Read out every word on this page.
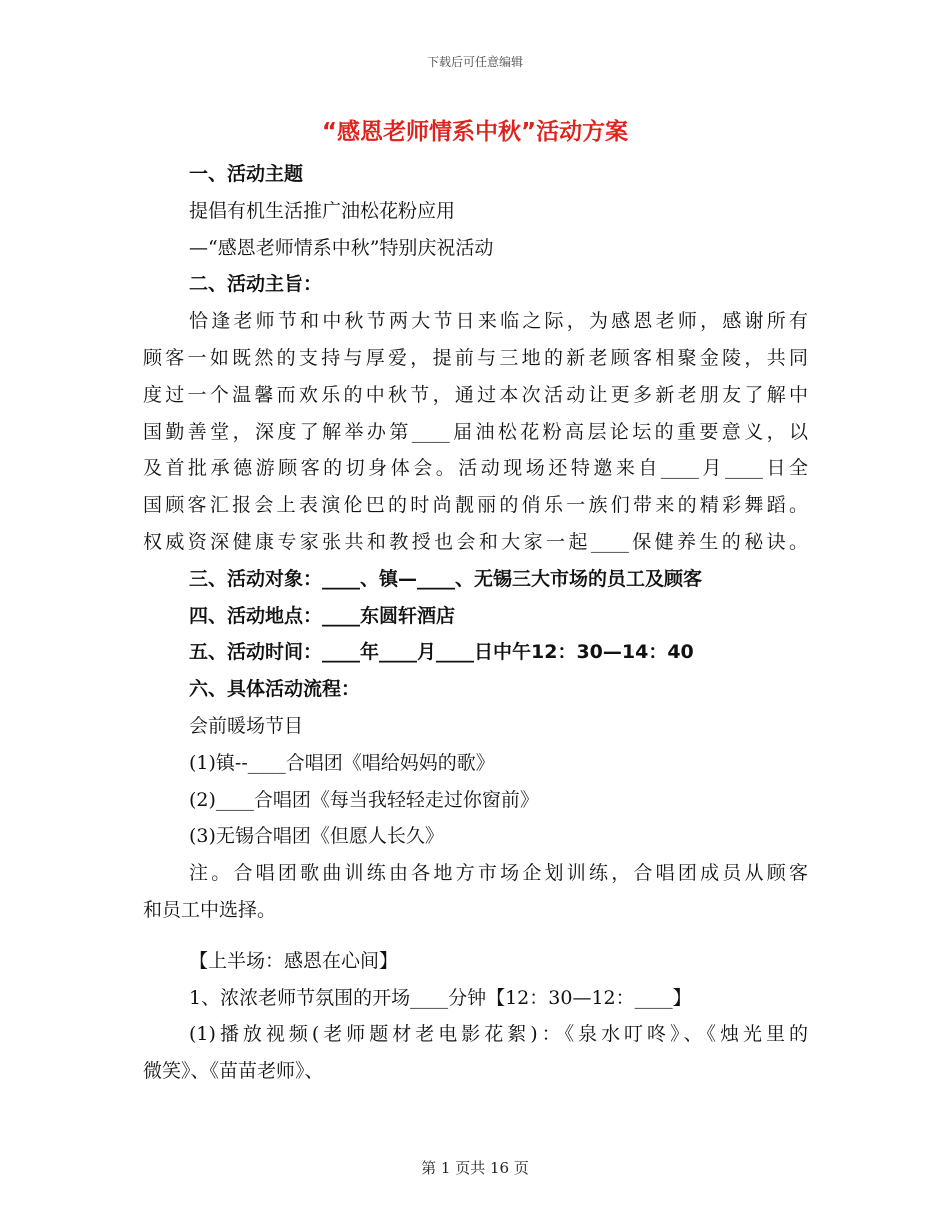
下载后可任意编辑
“感恩老师情系中秋”活动方案
一、活动主题
提倡有机生活推广油松花粉应用
—“感恩老师情系中秋”特别庆祝活动
二、活动主旨：
恰逢老师节和中秋节两大节日来临之际，为感恩老师，感谢所有
顾客一如既然的支持与厚爱，提前与三地的新老顾客相聚金陵，共同
度过一个温馨而欢乐的中秋节，通过本次活动让更多新老朋友了解中
国勤善堂，深度了解举办第____届油松花粉高层论坛的重要意义，以
及首批承德游顾客的切身体会。活动现场还特邀来自____月____日全
国顾客汇报会上表演伦巴的时尚靓丽的俏乐一族们带来的精彩舞蹈。
权威资深健康专家张共和教授也会和大家一起____保健养生的秘诀。
三、活动对象：____、镇—____、无锡三大市场的员工及顾客
四、活动地点：____东圆轩酒店
五、活动时间：____年____月____日中午12：30—14：40
六、具体活动流程：
会前暖场节目
(1)镇--____合唱团《唱给妈妈的歌》
(2)____合唱团《每当我轻轻走过你窗前》
(3)无锡合唱团《但愿人长久》
注。合唱团歌曲训练由各地方市场企划训练，合唱团成员从顾客
和员工中选择。
【上半场：感恩在心间】
1、浓浓老师节氛围的开场____分钟【12：30—12：____】
(1)播放视频(老师题材老电影花絮)：《泉水叮咚》、《烛光里的
微笑》、《苗苗老师》、
第 1 页共 16 页
